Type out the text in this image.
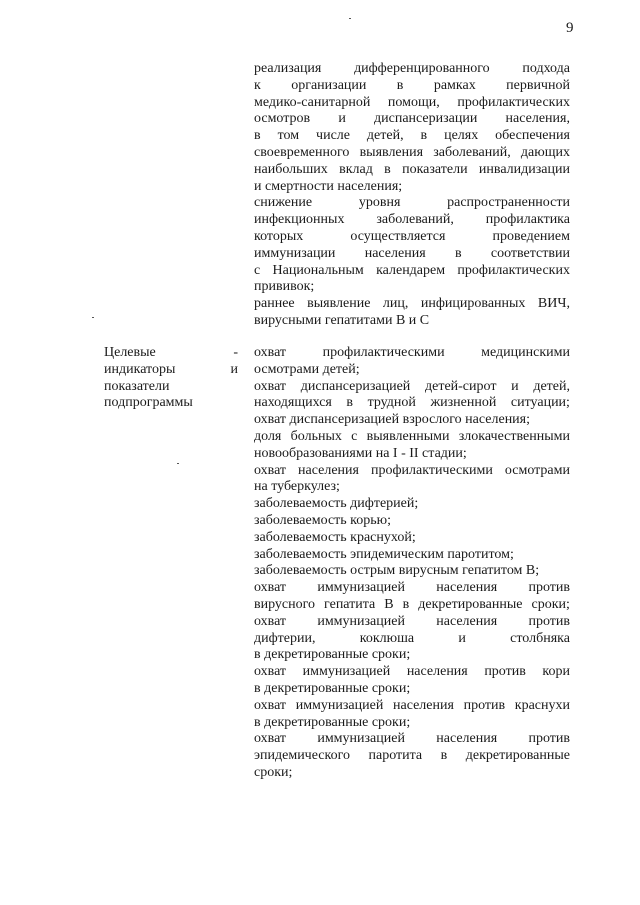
9
реализация дифференцированного подхода
к организации в рамках первичной
медико-санитарной помощи, профилактических
осмотров и диспансеризации населения,
в том числе детей, в целях обеспечения
своевременного выявления заболеваний, дающих
наибольших вклад в показатели инвалидизации
и смертности населения;
снижение	уровня	распространенности
инфекционных заболеваний, профилактика
которых	осуществляется	проведением
иммунизации населения в соответствии
с Национальным календарем профилактических
прививок;
раннее выявление лиц, инфицированных ВИЧ,
вирусными гепатитами В и С
Целевые	-
индикаторы	и
показатели
подпрограммы
охват	профилактическими	медицинскими
осмотрами детей;
охват диспансеризацией детей-сирот и детей,
находящихся в трудной жизненной ситуации;
охват диспансеризацией взрослого населения;
доля больных с выявленными злокачественными
новообразованиями на I - II стадии;
охват населения профилактическими осмотрами
на туберкулез;
заболеваемость дифтерией;
заболеваемость корью;
заболеваемость краснухой;
заболеваемость эпидемическим паротитом;
заболеваемость острым вирусным гепатитом В;
охват иммунизацией населения против
вирусного гепатита В в декретированные сроки;
охват иммунизацией населения против
дифтерии,	коклюша	и	столбняка
в декретированные сроки;
охват иммунизацией населения против кори
в декретированные сроки;
охват иммунизацией населения против краснухи
в декретированные сроки;
охват иммунизацией населения против
эпидемического паротита в декретированные
сроки;
